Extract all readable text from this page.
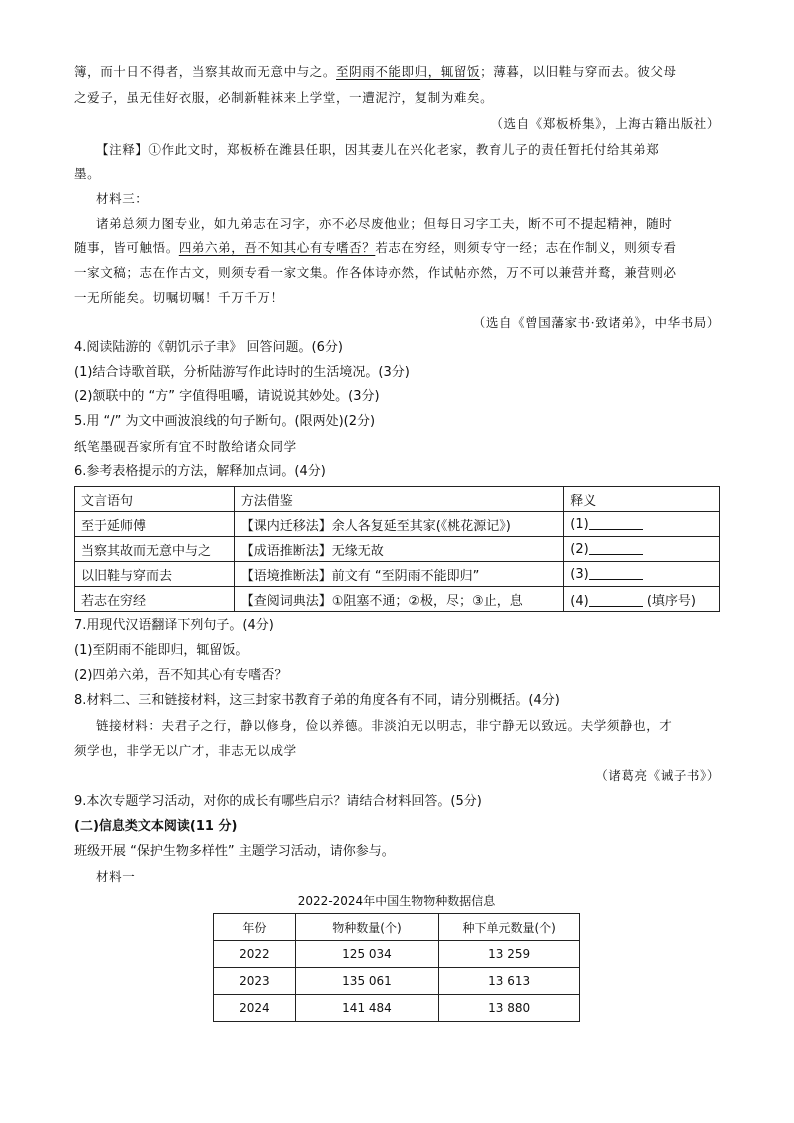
簿，而十日不得者，当察其故而无意中与之。至阴雨不能即归，辄留饭；薄暮，以旧鞋与穿而去。彼父母
之爱子，虽无佳好衣服，必制新鞋袜来上学堂，一遭泥泞，复制为难矣。
（选自《郑板桥集》，上海古籍出版社）
【注释】①作此文时，郑板桥在潍县任职，因其妻儿在兴化老家，教育儿子的责任暂托付给其弟郑
墨。
材料三：
诸弟总须力图专业，如九弟志在习字，亦不必尽废他业；但每日习字工夫，断不可不提起精神，随时
随事，皆可触悟。四弟六弟，吾不知其心有专嗜否？若志在穷经，则须专守一经；志在作制义，则须专看
一家文稿；志在作古文，则须专看一家文集。作各体诗亦然，作试帖亦然，万不可以兼营并鹜，兼营则必
一无所能矣。切嘱切嘱！千万千万！
（选自《曾国藩家书·致诸弟》，中华书局）
4.阅读陆游的《朝饥示子聿》 回答问题。(6分)
(1)结合诗歌首联，分析陆游写作此诗时的生活境况。(3分)
(2)颔联中的 “方” 字值得咀嚼，请说说其妙处。(3分)
5.用 “/” 为文中画波浪线的句子断句。(限两处)(2分)
纸笔墨砚吾家所有宜不时散给诸众同学
6.参考表格提示的方法，解释加点词。(4分)
文言语句	方法借鉴	释义
至于延师傅	【课内迁移法】余人各复延至其家(《桃花源记》)	(1)
当察其故而无意中与之	【成语推断法】无缘无故	(2)
以旧鞋与穿而去	【语境推断法】前文有 “至阴雨不能即归”	(3)
若志在穷经	【查阅词典法】①阻塞不通；②极，尽；③止，息	(4) (填序号)
7.用现代汉语翻译下列句子。(4分)
(1)至阴雨不能即归，辄留饭。
(2)四弟六弟，吾不知其心有专嗜否？
8.材料二、三和链接材料，这三封家书教育子弟的角度各有不同，请分别概括。(4分)
链接材料：夫君子之行，静以修身，俭以养德。非淡泊无以明志，非宁静无以致远。夫学须静也，才
须学也，非学无以广才，非志无以成学
（诸葛亮《诫子书》）
9.本次专题学习活动，对你的成长有哪些启示？请结合材料回答。(5分)
(二)信息类文本阅读(11 分)
班级开展 “保护生物多样性” 主题学习活动，请你参与。
材料一
2022-2024年中国生物物种数据信息
年份	物种数量(个)	种下单元数量(个)
2022	125 034	13 259
2023	135 061	13 613
2024	141 484	13 880
